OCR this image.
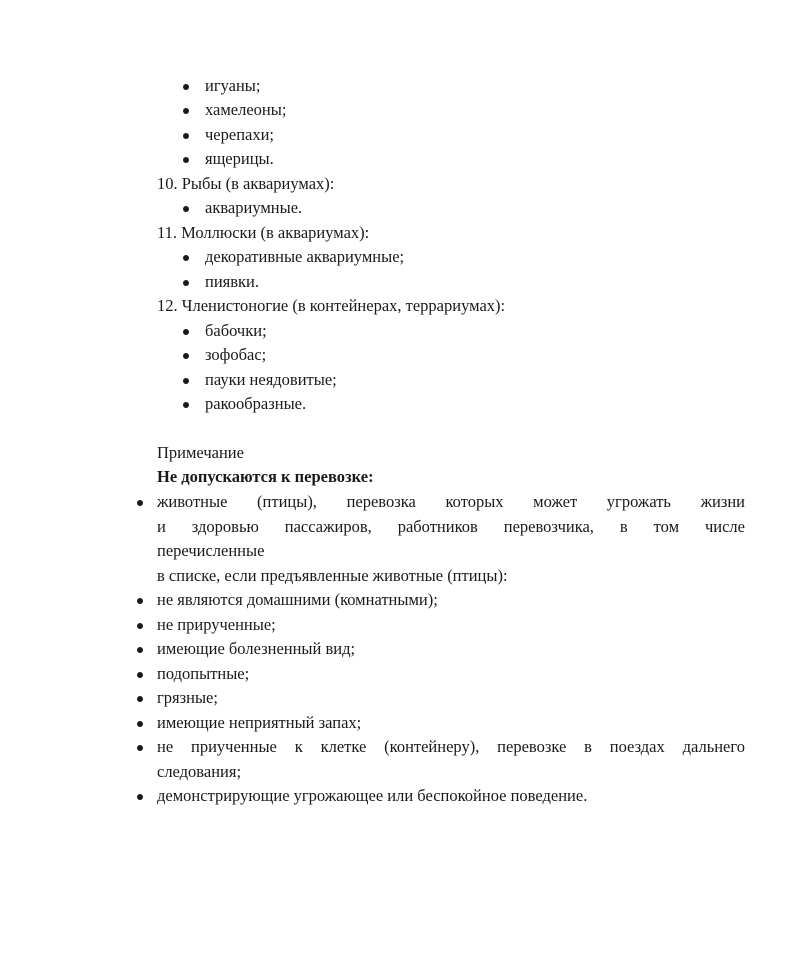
игуаны;
хамелеоны;
черепахи;
ящерицы.
10. Рыбы (в аквариумах):
аквариумные.
11. Моллюски (в аквариумах):
декоративные аквариумные;
пиявки.
12. Членистоногие (в контейнерах, террариумах):
бабочки;
зофобас;
пауки неядовитые;
ракообразные.
Примечание
Не допускаются к перевозке:
животные (птицы), перевозка которых может угрожать жизни
и здоровью пассажиров, работников перевозчика, в том числе
перечисленные
в списке, если предъявленные животные (птицы):
не являются домашними (комнатными);
не прирученные;
имеющие болезненный вид;
подопытные;
грязные;
имеющие неприятный запах;
не приученные к клетке (контейнеру), перевозке в поездах дальнего
следования;
демонстрирующие угрожающее или беспокойное поведение.
